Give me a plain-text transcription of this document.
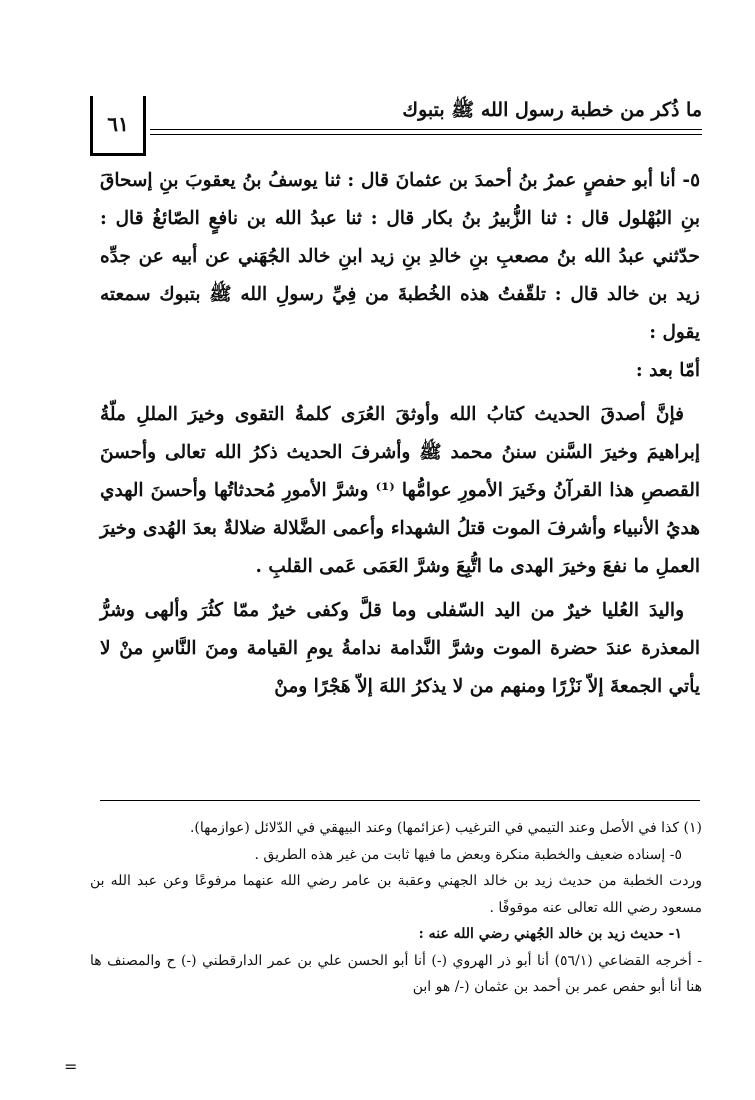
٦١
ما ذُكر من خطبة رسول الله ﷺ بتبوك

٥- أنا أبو حفصٍ عمرُ بنُ أحمدَ بن عثمانَ قال : ثنا يوسفُ بنُ يعقوبَ بنِ إسحاقَ بنِ البُهْلول قال : ثنا الزُّبيرُ بنُ بكار قال : ثنا عبدُ الله بن نافعٍ الصّائغُ قال : حدّثني عبدُ الله بنُ مصعبِ بنِ خالدِ بنِ زيد ابنِ خالد الجُهَني عن أبيه عن جدِّه زيد بن خالد قال : تلقّفتُ هذه الخُطبةَ من فِيِّ رسولِ الله ﷺ بتبوك سمعته يقول :

أمّا بعد :

فإنَّ أصدقَ الحديث كتابُ الله وأوثقَ العُرَى كلمةُ التقوى وخيرَ المللِ ملّةُ إبراهيمَ وخيرَ السَّنن سننُ محمد ﷺ وأشرفَ الحديث ذكرُ الله تعالى وأحسنَ القصصِ هذا القرآنُ وخَيرَ الأمورِ عوامُّها ⁽¹⁾ وشرَّ الأمورِ مُحدثاتُها وأحسنَ الهدي هديُ الأنبياء وأشرفَ الموت قتلُ الشهداء وأعمى الضَّلالة ضلالةٌ بعدَ الهُدى وخيرَ العملِ ما نفعَ وخيرَ الهدى ما اتُّبِعَ وشرَّ العَمَى عَمى القلبِ .

واليدَ العُليا خيرٌ من اليد السّفلى وما قلَّ وكفى خيرٌ ممّا كثُرَ وألهى وشرُّ المعذرة عندَ حضرة الموت وشرَّ النَّدامة ندامةُ يومِ القيامة ومنَ النَّاسِ منْ لا يأتي الجمعةَ إلاّ نَزْرًا ومنهم من لا يذكرُ اللهَ إلاّ هَجْرًا ومنْ

(١) كذا في الأصل وعند التيمي في الترغيب (عزائمها) وعند البيهقي في الدّلائل (عوازمها).

٥- إسناده ضعيف والخطبة منكرة وبعض ما فيها ثابت من غير هذه الطريق .

وردت الخطبة من حديث زيد بن خالد الجهني وعقبة بن عامر رضي الله عنهما مرفوعًا وعن عبد الله بن مسعود رضي الله تعالى عنه موقوفًا .

١- حديث زيد بن خالد الجُهني رضي الله عنه :

- أخرجه القضاعي (٥٦/١) أنا أبو ذر الهروي (-) أنا أبو الحسن علي بن عمر الدارقطني (-) ح والمصنف ها هنا أنا أبو حفص عمر بن أحمد بن عثمان (-/ هو ابن

=
